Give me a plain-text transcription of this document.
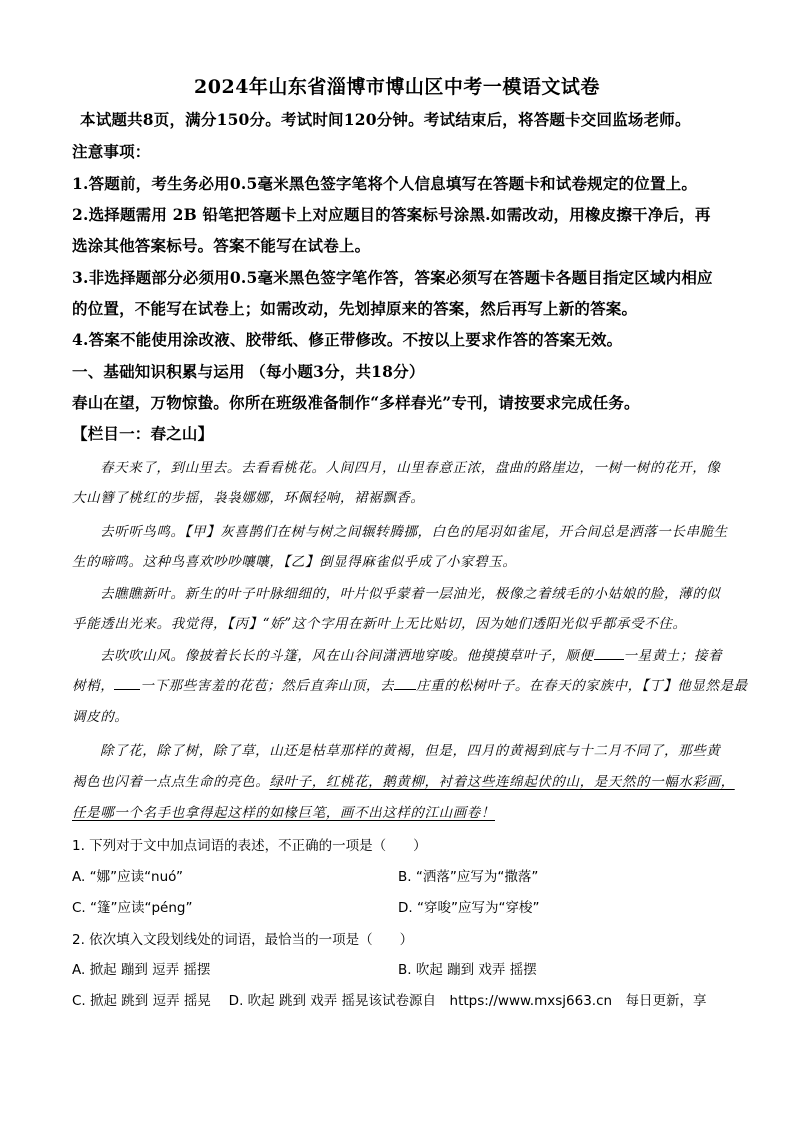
2024年山东省淄博市博山区中考一模语文试卷
本试题共8页，满分150分。考试时间120分钟。考试结束后，将答题卡交回监场老师。
注意事项：
1.答题前，考生务必用0.5毫米黑色签字笔将个人信息填写在答题卡和试卷规定的位置上。
2.选择题需用 2B 铅笔把答题卡上对应题目的答案标号涂黑.如需改动，用橡皮擦干净后，再
选涂其他答案标号。答案不能写在试卷上。
3.非选择题部分必须用0.5毫米黑色签字笔作答，答案必须写在答题卡各题目指定区域内相应
的位置，不能写在试卷上；如需改动，先划掉原来的答案，然后再写上新的答案。
4.答案不能使用涂改液、胶带纸、修正带修改。不按以上要求作答的答案无效。
一、基础知识积累与运用 （每小题3分，共18分）
春山在望，万物惊蛰。你所在班级准备制作“多样春光”专刊，请按要求完成任务。
【栏目一：春之山】
春天来了，到山里去。去看看桃花。人间四月，山里春意正浓，盘曲的路崖边，一树一树的花开，像
大山簪了桃红的步摇，袅袅娜娜，环佩轻响，裙裾飘香。
去听听鸟鸣。【甲】灰喜鹊们在树与树之间辗转腾挪，白色的尾羽如雀尾，开合间总是洒落一长串脆生
生的啼鸣。这种鸟喜欢吵吵嚷嚷，【乙】倒显得麻雀似乎成了小家碧玉。
去瞧瞧新叶。新生的叶子叶脉细细的，叶片似乎蒙着一层油光，极像之着绒毛的小姑娘的脸，薄的似
乎能透出光来。我觉得，【丙】“娇”这个字用在新叶上无比贴切，因为她们透阳光似乎都承受不住。
去吹吹山风。像披着长长的斗篷，风在山谷间潇洒地穿唆。他摸摸草叶子，顺便 一星黄土；接着
树梢， 一下那些害羞的花苞；然后直奔山顶，去 庄重的松树叶子。在春天的家族中，【丁】他显然是最
调皮的。
除了花，除了树，除了草，山还是枯草那样的黄褐，但是，四月的黄褐到底与十二月不同了，那些黄
褐色也闪着一点点生命的亮色。绿叶子，红桃花，鹅黄柳，衬着这些连绵起伏的山，是天然的一幅水彩画，
任是哪一个名手也拿得起这样的如椽巨笔，画不出这样的江山画卷！
1. 下列对于文中加点词语的表述，不正确的一项是（　　）
A. “娜”应读“nuó”	B. “洒落”应写为“撒落”
C. “篷”应读“péng”	D. “穿唆”应写为“穿梭”
2. 依次填入文段划线处的词语，最恰当的一项是（　　）
A. 掀起 蹦到 逗弄 摇摆	B. 吹起 蹦到 戏弄 摇摆
C. 掀起 跳到 逗弄 摇晃　 D. 吹起 跳到 戏弄 摇晃该试卷源自　https://www.mxsj663.cn　每日更新，享
